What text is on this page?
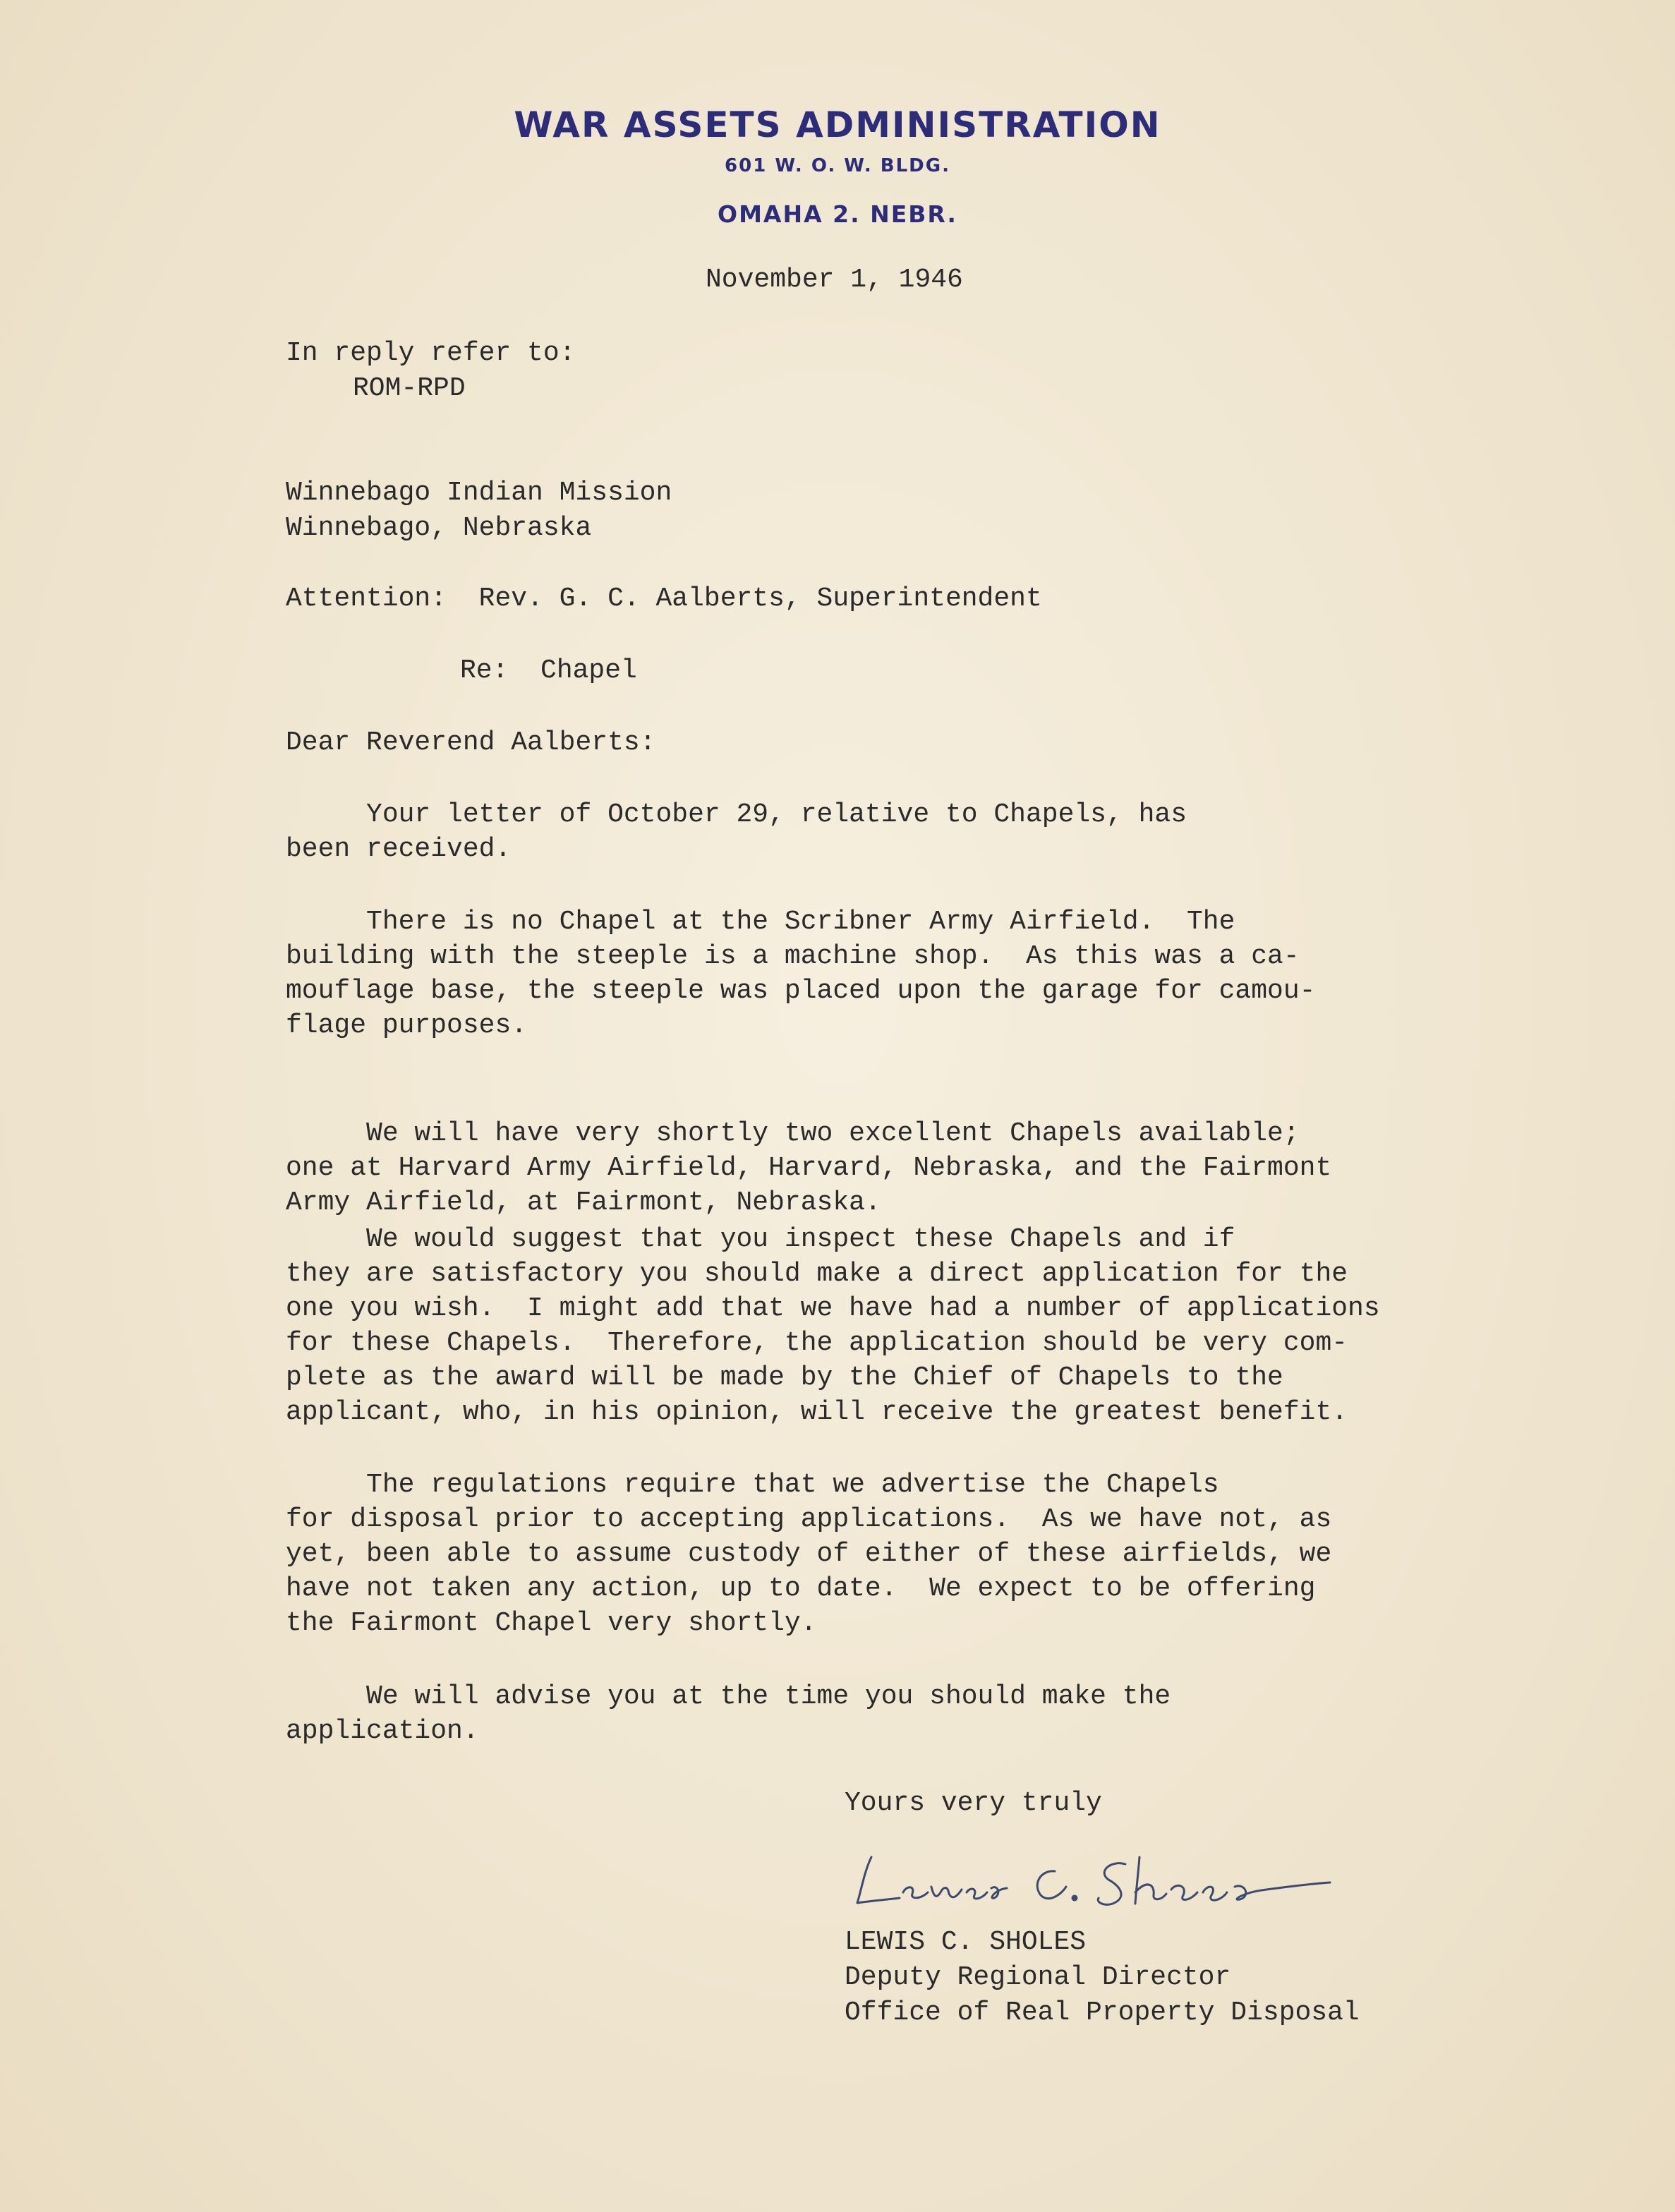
WAR ASSETS ADMINISTRATION

601 W. O. W. BLDG.

OMAHA 2. NEBR.

November 1, 1946

In reply refer to:

ROM-RPD

Winnebago Indian Mission

Winnebago, Nebraska

Attention:  Rev. G. C. Aalberts, Superintendent

Re:  Chapel

Dear Reverend Aalberts:

Your letter of October 29, relative to Chapels, has
been received.
There is no Chapel at the Scribner Army Airfield.  The
building with the steeple is a machine shop.  As this was a ca-
mouflage base, the steeple was placed upon the garage for camou-
flage purposes.
We will have very shortly two excellent Chapels available;
one at Harvard Army Airfield, Harvard, Nebraska, and the Fairmont
Army Airfield, at Fairmont, Nebraska.
We would suggest that you inspect these Chapels and if
they are satisfactory you should make a direct application for the
one you wish.  I might add that we have had a number of applications
for these Chapels.  Therefore, the application should be very com-
plete as the award will be made by the Chief of Chapels to the
applicant, who, in his opinion, will receive the greatest benefit.
The regulations require that we advertise the Chapels
for disposal prior to accepting applications.  As we have not, as
yet, been able to assume custody of either of these airfields, we
have not taken any action, up to date.  We expect to be offering
the Fairmont Chapel very shortly.
We will advise you at the time you should make the
application.

Yours very truly

LEWIS C. SHOLES

Deputy Regional Director

Office of Real Property Disposal
